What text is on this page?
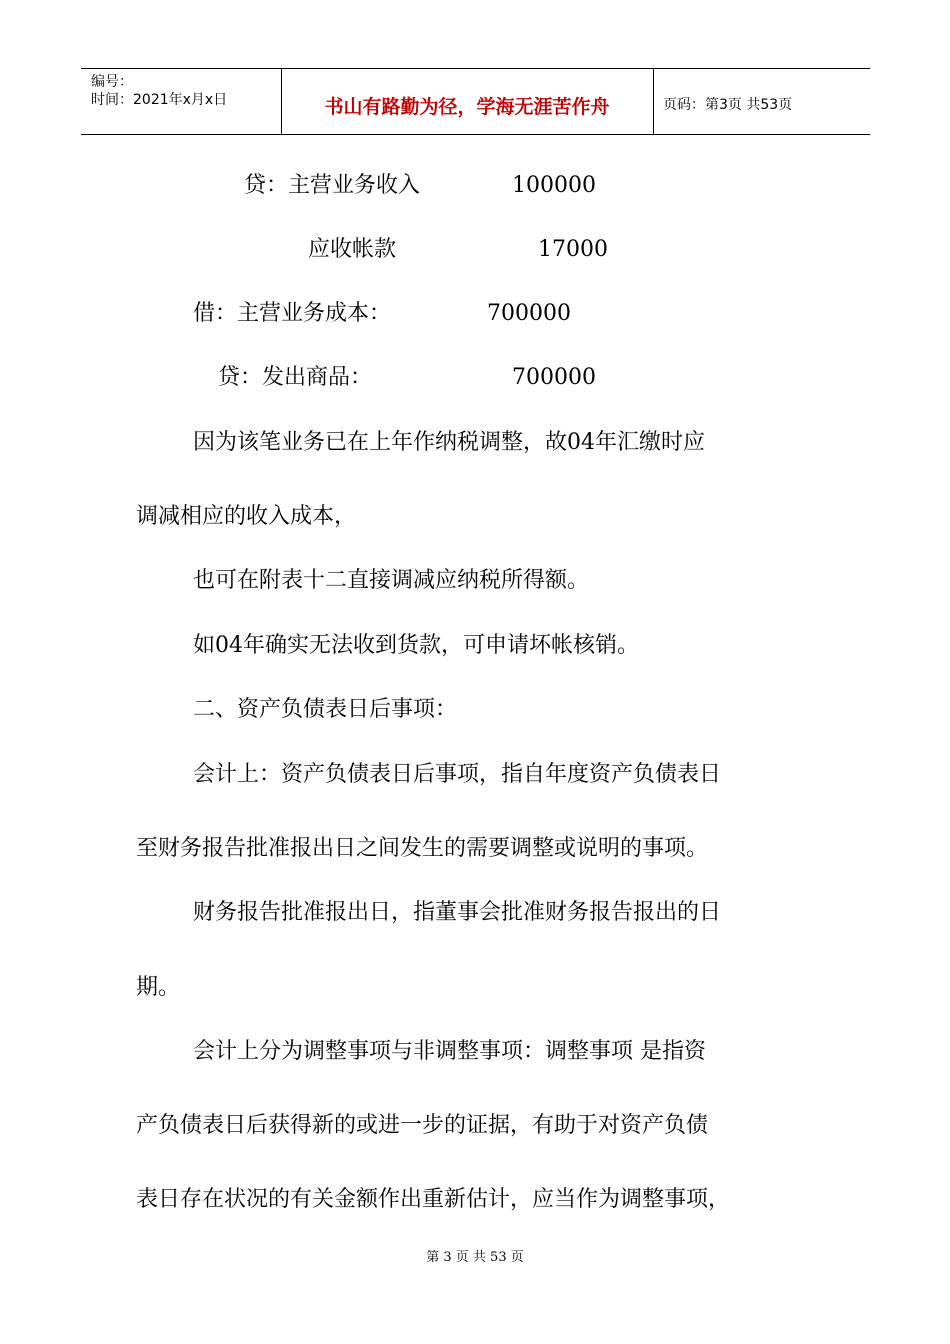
编号：
时间：2021年x月x日	书山有路勤为径，学海无涯苦作舟	页码：第3页 共53页
贷：主营业务收入	100000
应收帐款	17000
借：主营业务成本：	700000
贷：发出商品：	700000
因为该笔业务已在上年作纳税调整，故04年汇缴时应
调减相应的收入成本，
也可在附表十二直接调减应纳税所得额。
如04年确实无法收到货款，可申请坏帐核销。
二、资产负债表日后事项：
会计上：资产负债表日后事项，指自年度资产负债表日
至财务报告批准报出日之间发生的需要调整或说明的事项。
财务报告批准报出日，指董事会批准财务报告报出的日
期。
会计上分为调整事项与非调整事项：调整事项 是指资
产负债表日后获得新的或进一步的证据，有助于对资产负债
表日存在状况的有关金额作出重新估计，应当作为调整事项，
第 3 页 共 53 页
